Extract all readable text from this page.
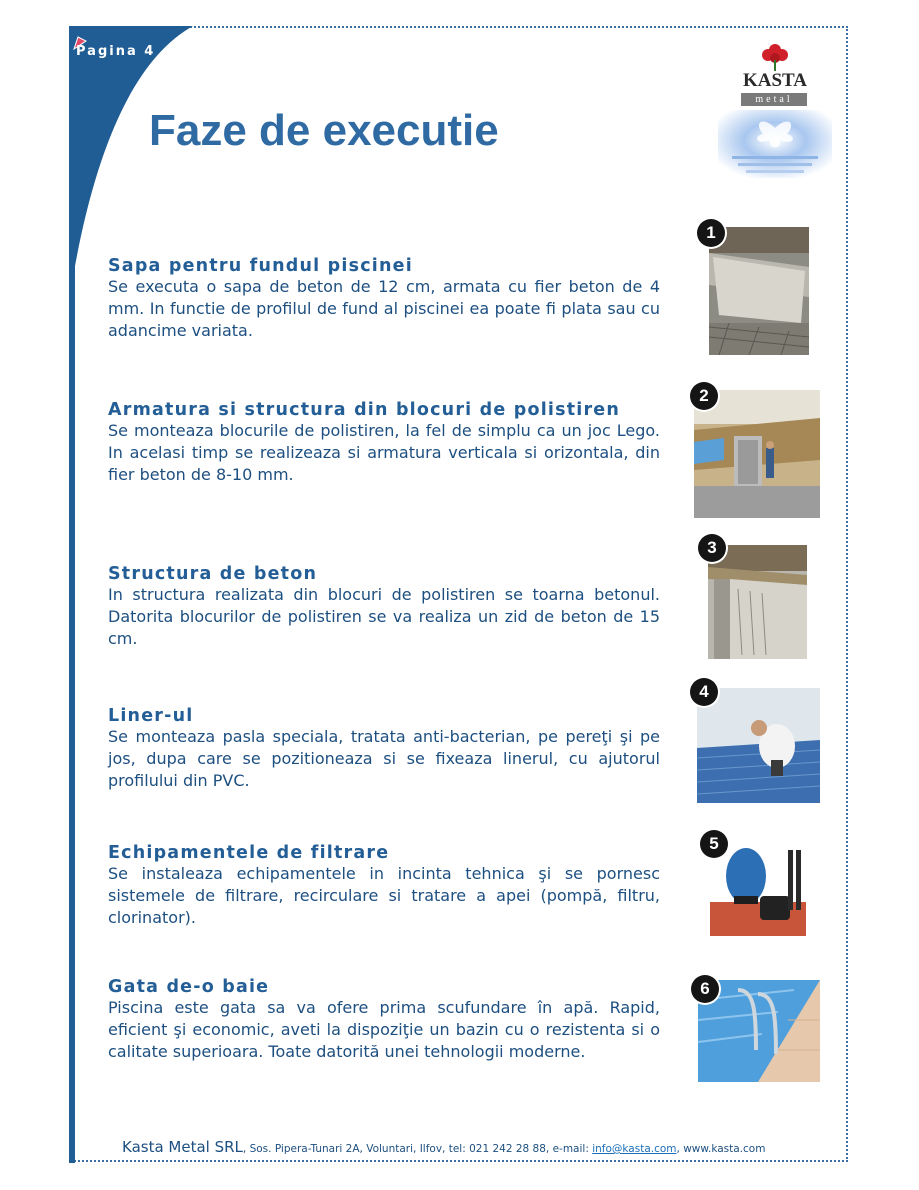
Pagina 4
Faze de executie
KASTA
metal
Sapa pentru fundul piscinei

Se executa o sapa de beton de 12 cm, armata cu fier beton de 4 mm. In functie de profilul de fund al piscinei ea poate fi plata sau cu adancime variata.

Armatura si structura din blocuri de polistiren

Se monteaza blocurile de polistiren, la fel de simplu ca un joc Lego. In acelasi timp se realizeaza si armatura verticala si orizontala, din fier beton de 8-10 mm.

Structura de beton

In structura realizata din blocuri de polistiren se toarna betonul. Datorita blocurilor de polistiren se va realiza un zid de beton de 15 cm.

Liner-ul

Se monteaza pasla speciala, tratata anti-bacterian, pe pereţi şi pe jos, dupa care se pozitioneaza si se fixeaza linerul, cu ajutorul profilului din PVC.

Echipamentele de filtrare

Se instaleaza echipamentele in incinta tehnica şi se pornesc sistemele de filtrare, recirculare si tratare a apei (pompă, filtru, clorinator).

Gata de-o baie

Piscina este gata sa va ofere prima scufundare în apă. Rapid, eficient şi economic, aveti la dispoziţie un bazin cu o rezistenta si o calitate superioara. Toate datorită unei tehnologii moderne.

1
2
3
4
5
6
Kasta Metal SRL, Sos. Pipera-Tunari 2A, Voluntari, Ilfov, tel: 021 242 28 88, e-mail: info@kasta.com, www.kasta.com
